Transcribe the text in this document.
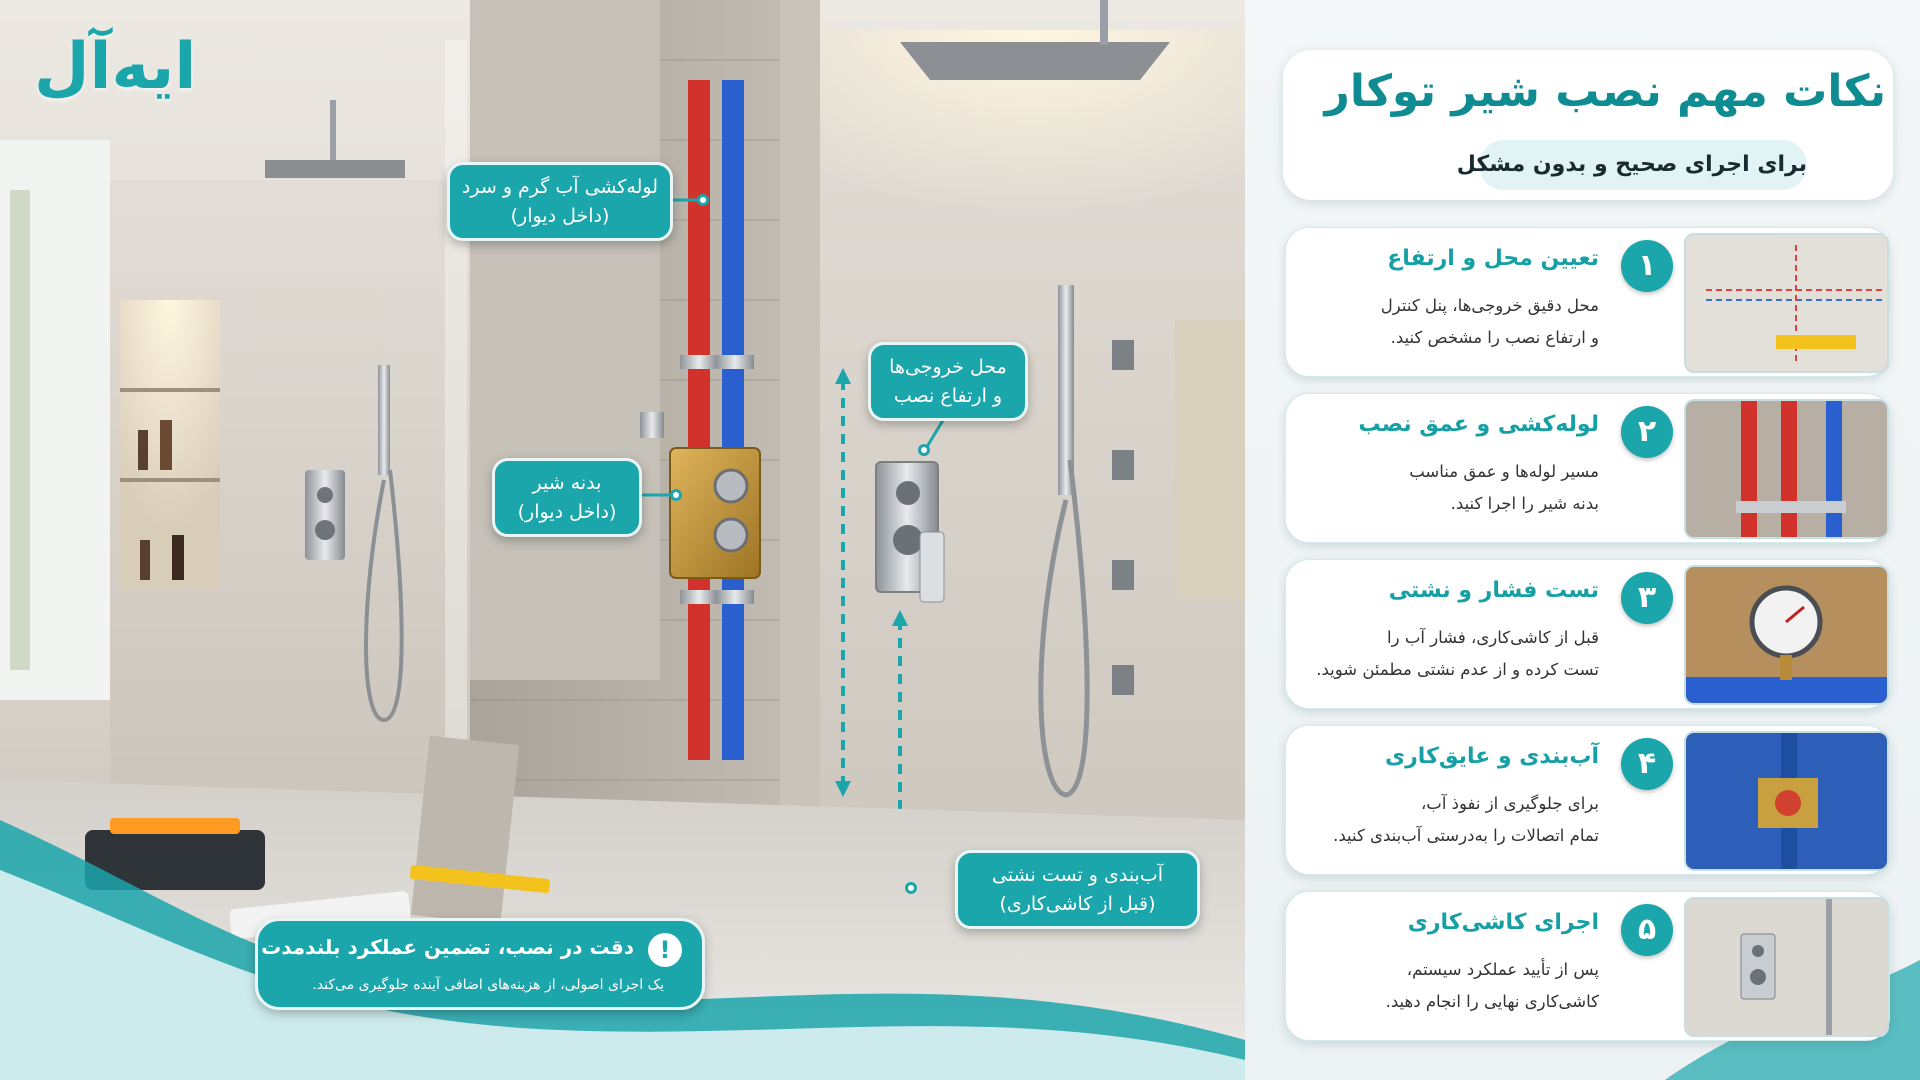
ایه‌آل
لوله‌کشی آب گرم و سرد
(داخل دیوار)
محل خروجی‌ها
و ارتفاع نصب
بدنه شیر
(داخل دیوار)
آب‌بندی و تست نشتی
(قبل از کاشی‌کاری)
!
دقت در نصب، تضمین عملکرد بلندمدت
یک اجرای اصولی، از هزینه‌های اضافی آینده جلوگیری می‌کند.
نکات مهم نصب شیر توکار
برای اجرای صحیح و بدون مشکل
۱
تعیین محل و ارتفاع
محل دقیق خروجی‌ها، پنل کنترل
و ارتفاع نصب را مشخص کنید.
۲
لوله‌کشی و عمق نصب
مسیر لوله‌ها و عمق مناسب
بدنه شیر را اجرا کنید.
۳
تست فشار و نشتی
قبل از کاشی‌کاری، فشار آب را
تست کرده و از عدم نشتی مطمئن شوید.
۴
آب‌بندی و عایق‌کاری
برای جلوگیری از نفوذ آب،
تمام اتصالات را به‌درستی آب‌بندی کنید.
۵
اجرای کاشی‌کاری
پس از تأیید عملکرد سیستم،
کاشی‌کاری نهایی را انجام دهید.
